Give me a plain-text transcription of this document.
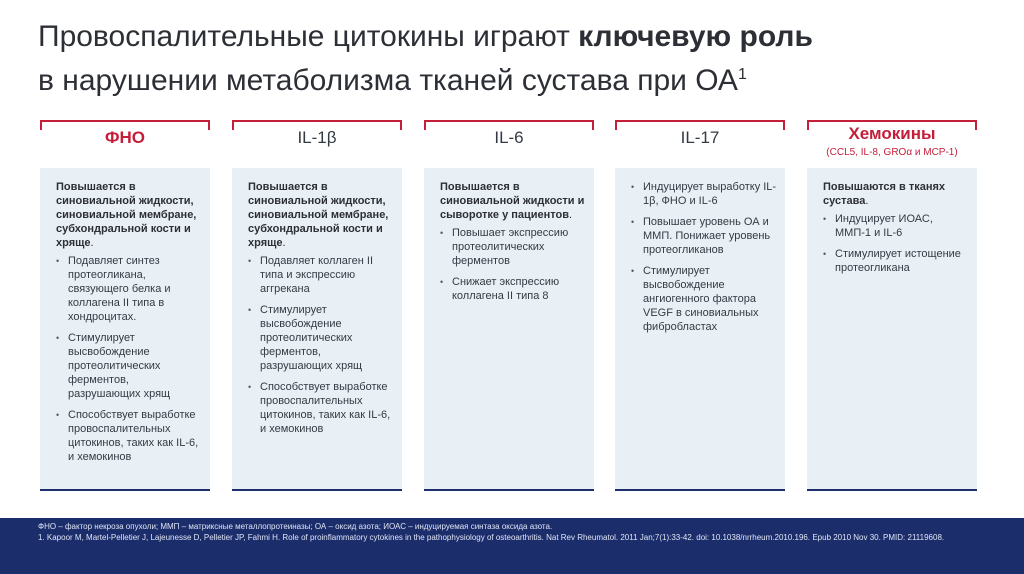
Провоспалительные цитокины играют ключевую роль
в нарушении метаболизма тканей сустава при $ОА^1$
ФНО

Повышается в синовиальной жидкости, синовиальной мембране, субхондральной кости и хряще.

• Подавляет синтез протеогликана, связующего белка и коллагена II типа в хондроцитах.
• Стимулирует высвобождение протеолитических ферментов, разрушающих хрящ
• Способствует выработке провоспалительных цитокинов, таких как IL-6, и хемокинов
IL-1β

Повышается в синовиальной жидкости, синовиальной мембране, субхондральной кости и хряще.

• Подавляет коллаген II типа и экспрессию аггрекана
• Стимулирует высвобождение протеолитических ферментов, разрушающих хрящ
• Способствует выработке провоспалительных цитокинов, таких как IL-6, и хемокинов
IL-6

Повышается в синовиальной жидкости и сыворотке у пациентов.

• Повышает экспрессию протеолитических ферментов
• Снижает экспрессию коллагена II типа 8
IL-17
• Индуцирует выработку IL-1β, ФНО и IL-6
• Повышает уровень ОА и ММП. Понижает уровень протеогликанов
• Стимулирует высвобождение ангиогенного фактора VEGF в синовиальных фибробластах
Хемокины
(CCL5, IL-8, GROα и MCP-1)

Повышаются в тканях сустава.

• Индуцирует ИОАС, ММП-1 и IL-6
• Стимулирует истощение протеогликана
ФНО – фактор некроза опухоли; ММП – матриксные металлопротеиназы; ОА – оксид азота; ИОАС – индуцируемая синтаза оксида азота.
1. Kapoor M, Martel-Pelletier J, Lajeunesse D, Pelletier JP, Fahmi H. Role of proinflammatory cytokines in the pathophysiology of osteoarthritis. Nat Rev Rheumatol. 2011 Jan;7(1):33-42. doi: 10.1038/nrrheum.2010.196. Epub 2010 Nov 30. PMID: 21119608.
